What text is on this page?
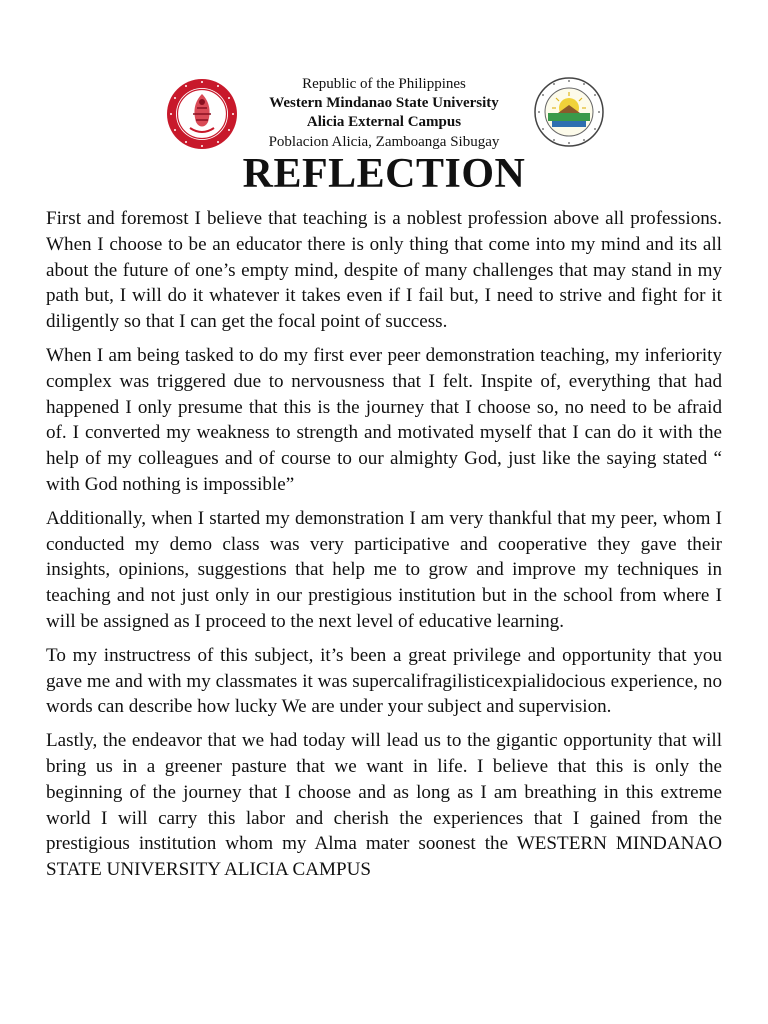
Republic of the Philippines
Western Mindanao State University
Alicia External Campus
Poblacion Alicia, Zamboanga Sibugay
REFLECTION

First and foremost I believe that teaching is a noblest profession above all professions. When I choose to be an educator there is only thing that come into my mind and its all about the future of one’s empty mind, despite of many challenges that may stand in my path but, I will do it whatever it takes even if I fail but, I need to strive and fight for it diligently so that I can get the focal point of success.

When I am being tasked to do my first ever peer demonstration teaching, my inferiority complex was triggered due to nervousness that I felt. Inspite of, everything that had happened I only presume that this is the journey that I choose so, no need to be afraid of. I converted my weakness to strength and motivated myself that I can do it with the help of my colleagues and of course to our almighty God, just like the saying stated “ with God nothing is impossible”

Additionally, when I started my demonstration I am very thankful that my peer, whom I conducted my demo class was very participative and cooperative they gave their insights, opinions, suggestions that help me to grow and improve my techniques in teaching and not just only in our prestigious institution but in the school from where I will be assigned as I proceed to the next level of educative learning.

To my instructress of this subject, it’s been a great privilege and opportunity that you gave me and with my classmates it was supercalifragilisticexpialidocious experience, no words can describe how lucky We are under your subject and supervision.

Lastly, the endeavor that we had today will lead us to the gigantic opportunity that will bring us in a greener pasture that we want in life. I believe that this is only the beginning of the journey that I choose and as long as I am breathing in this extreme world I will carry this labor and cherish the experiences that I gained from the prestigious institution whom my Alma mater soonest the WESTERN MINDANAO STATE UNIVERSITY ALICIA CAMPUS
